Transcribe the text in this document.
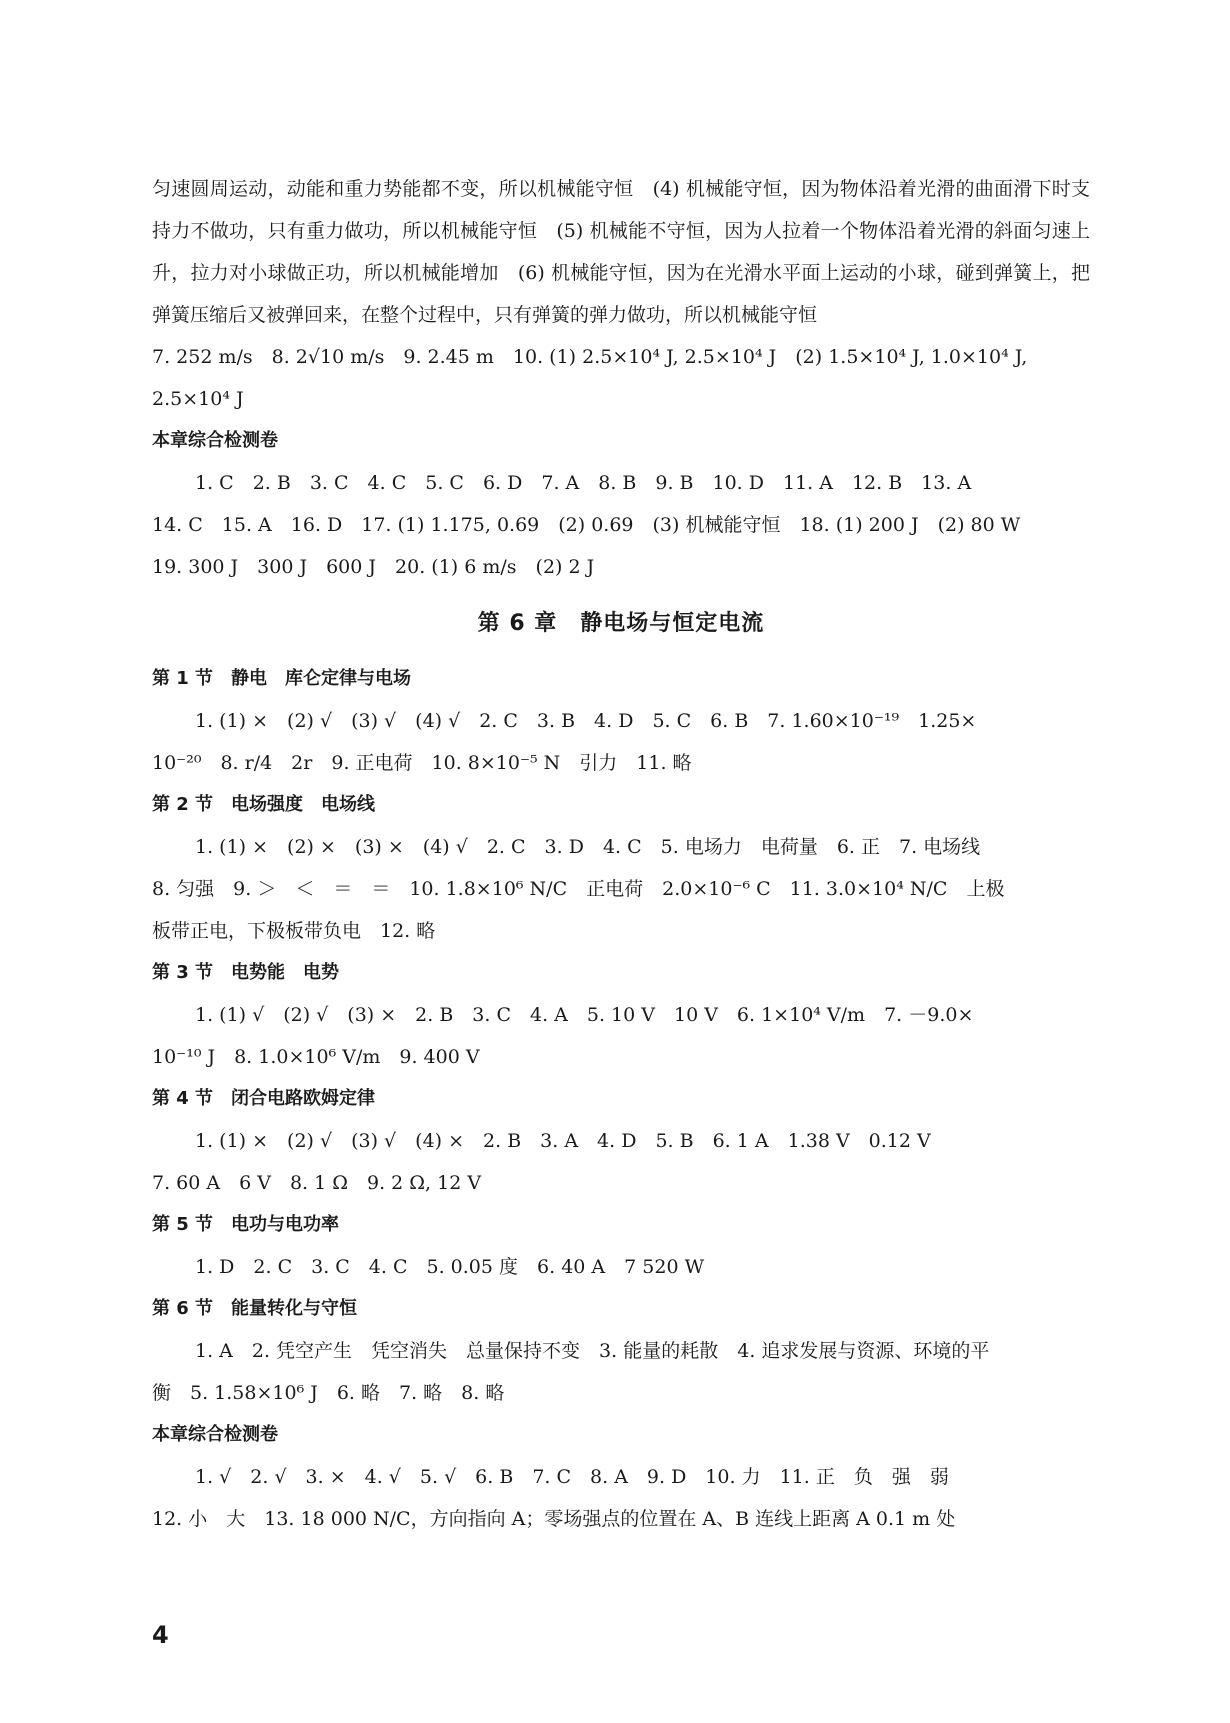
匀速圆周运动，动能和重力势能都不变，所以机械能守恒　(4) 机械能守恒，因为物体沿着光滑的曲面滑下时支持力不做功，只有重力做功，所以机械能守恒　(5) 机械能不守恒，因为人拉着一个物体沿着光滑的斜面匀速上升，拉力对小球做正功，所以机械能增加　(6) 机械能守恒，因为在光滑水平面上运动的小球，碰到弹簧上，把弹簧压缩后又被弹回来，在整个过程中，只有弹簧的弹力做功，所以机械能守恒

7. 252 m/s　8. 2√10 m/s　9. 2.45 m　10. (1) 2.5×10⁴ J, 2.5×10⁴ J　(2) 1.5×10⁴ J, 1.0×10⁴ J,

2.5×10⁴ J

本章综合检测卷

1. C　2. B　3. C　4. C　5. C　6. D　7. A　8. B　9. B　10. D　11. A　12. B　13. A

14. C　15. A　16. D　17. (1) 1.175, 0.69　(2) 0.69　(3) 机械能守恒　18. (1) 200 J　(2) 80 W

19. 300 J　300 J　600 J　20. (1) 6 m/s　(2) 2 J

第 6 章　静电场与恒定电流

第 1 节　静电　库仑定律与电场

1. (1) ×　(2) √　(3) √　(4) √　2. C　3. B　4. D　5. C　6. B　7. 1.60×10⁻¹⁹　1.25×

10⁻²⁰　8. r/4　2r　9. 正电荷　10. 8×10⁻⁵ N　引力　11. 略

第 2 节　电场强度　电场线

1. (1) ×　(2) ×　(3) ×　(4) √　2. C　3. D　4. C　5. 电场力　电荷量　6. 正　7. 电场线

8. 匀强　9. ＞　＜　＝　＝　10. 1.8×10⁶ N/C　正电荷　2.0×10⁻⁶ C　11. 3.0×10⁴ N/C　上极

板带正电，下极板带负电　12. 略

第 3 节　电势能　电势

1. (1) √　(2) √　(3) ×　2. B　3. C　4. A　5. 10 V　10 V　6. 1×10⁴ V/m　7. －9.0×

10⁻¹⁰ J　8. 1.0×10⁶ V/m　9. 400 V

第 4 节　闭合电路欧姆定律

1. (1) ×　(2) √　(3) √　(4) ×　2. B　3. A　4. D　5. B　6. 1 A　1.38 V　0.12 V

7. 60 A　6 V　8. 1 Ω　9. 2 Ω, 12 V

第 5 节　电功与电功率

1. D　2. C　3. C　4. C　5. 0.05 度　6. 40 A　7 520 W

第 6 节　能量转化与守恒

1. A　2. 凭空产生　凭空消失　总量保持不变　3. 能量的耗散　4. 追求发展与资源、环境的平

衡　5. 1.58×10⁶ J　6. 略　7. 略　8. 略

本章综合检测卷

1. √　2. √　3. ×　4. √　5. √　6. B　7. C　8. A　9. D　10. 力　11. 正　负　强　弱

12. 小　大　13. 18 000 N/C，方向指向 A；零场强点的位置在 A、B 连线上距离 A 0.1 m 处

4
